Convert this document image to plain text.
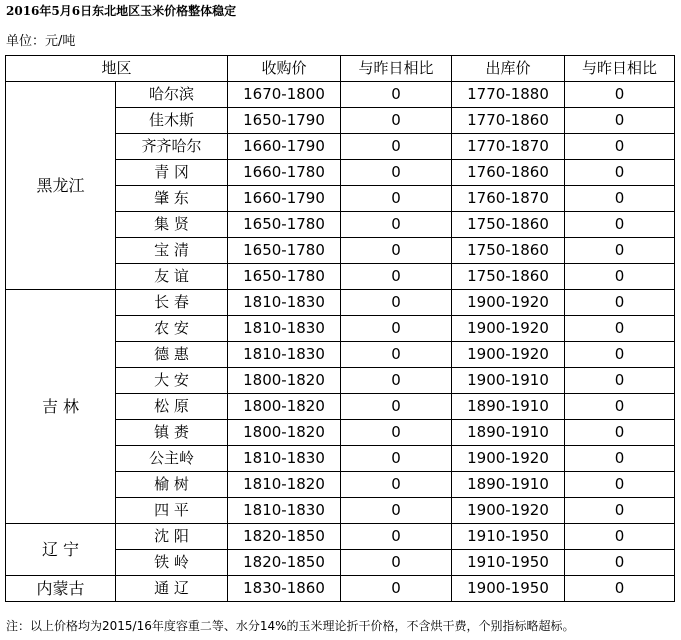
2016年5月6日东北地区玉米价格整体稳定
单位：元/吨
地区		收购价	与昨日相比	出库价	与昨日相比
黑龙江	哈尔滨	1670-1800	0	1770-1880	0
	佳木斯	1650-1790	0	1770-1860	0
	齐齐哈尔	1660-1790	0	1770-1870	0
	青 冈	1660-1780	0	1760-1860	0
	肇 东	1660-1790	0	1760-1870	0
	集 贤	1650-1780	0	1750-1860	0
	宝 清	1650-1780	0	1750-1860	0
	友 谊	1650-1780	0	1750-1860	0
吉 林	长 春	1810-1830	0	1900-1920	0
	农 安	1810-1830	0	1900-1920	0
	德 惠	1810-1830	0	1900-1920	0
	大 安	1800-1820	0	1900-1910	0
	松 原	1800-1820	0	1890-1910	0
	镇 赉	1800-1820	0	1890-1910	0
	公主岭	1810-1830	0	1900-1920	0
	榆 树	1810-1820	0	1890-1910	0
	四 平	1810-1830	0	1900-1920	0
辽 宁	沈 阳	1820-1850	0	1910-1950	0
	铁 岭	1820-1850	0	1910-1950	0
内蒙古	通 辽	1830-1860	0	1900-1950	0
注：以上价格均为2015/16年度容重二等、水分14%的玉米理论折干价格，不含烘干费，个别指标略超标。
